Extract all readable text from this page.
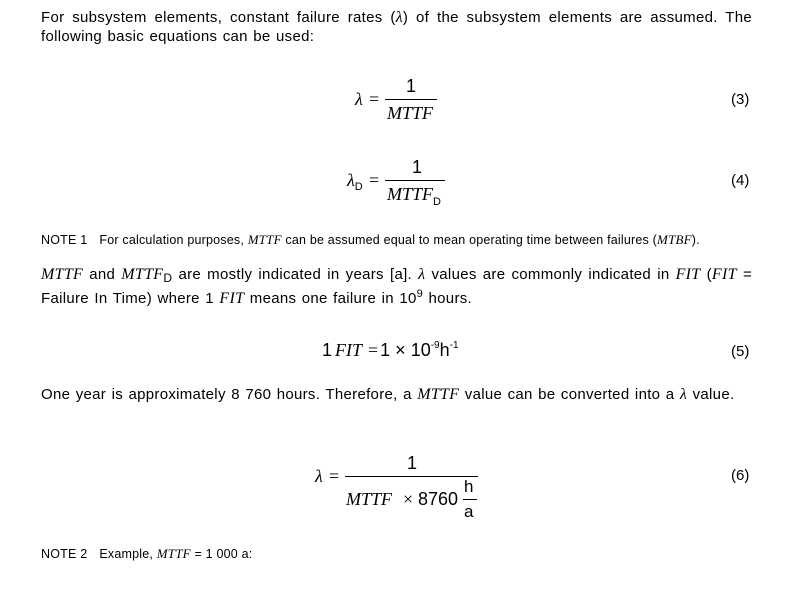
For subsystem elements, constant failure rates (λ) of the subsystem elements are assumed. The following basic equations can be used:
λ =
1
MTTF
(3)
$\lambda_D$ =
1
$MTTF_D$
(4)
NOTE 1 For calculation purposes, MTTF can be assumed equal to mean operating time between failures (MTBF).
MTTF and $MTTF_D$ are mostly indicated in years [a]. λ values are commonly indicated in FIT (FIT = Failure In Time) where 1 FIT means one failure in $10^9$ hours.
1 FIT = $1 \times 10^{-9}h^{-1}$	(5)
One year is approximately 8 760 hours. Therefore, a MTTF value can be converted into a λ value.
λ =
1
MTTF × 8760
h
a
(6)
NOTE 2 Example, MTTF = 1 000 a:
